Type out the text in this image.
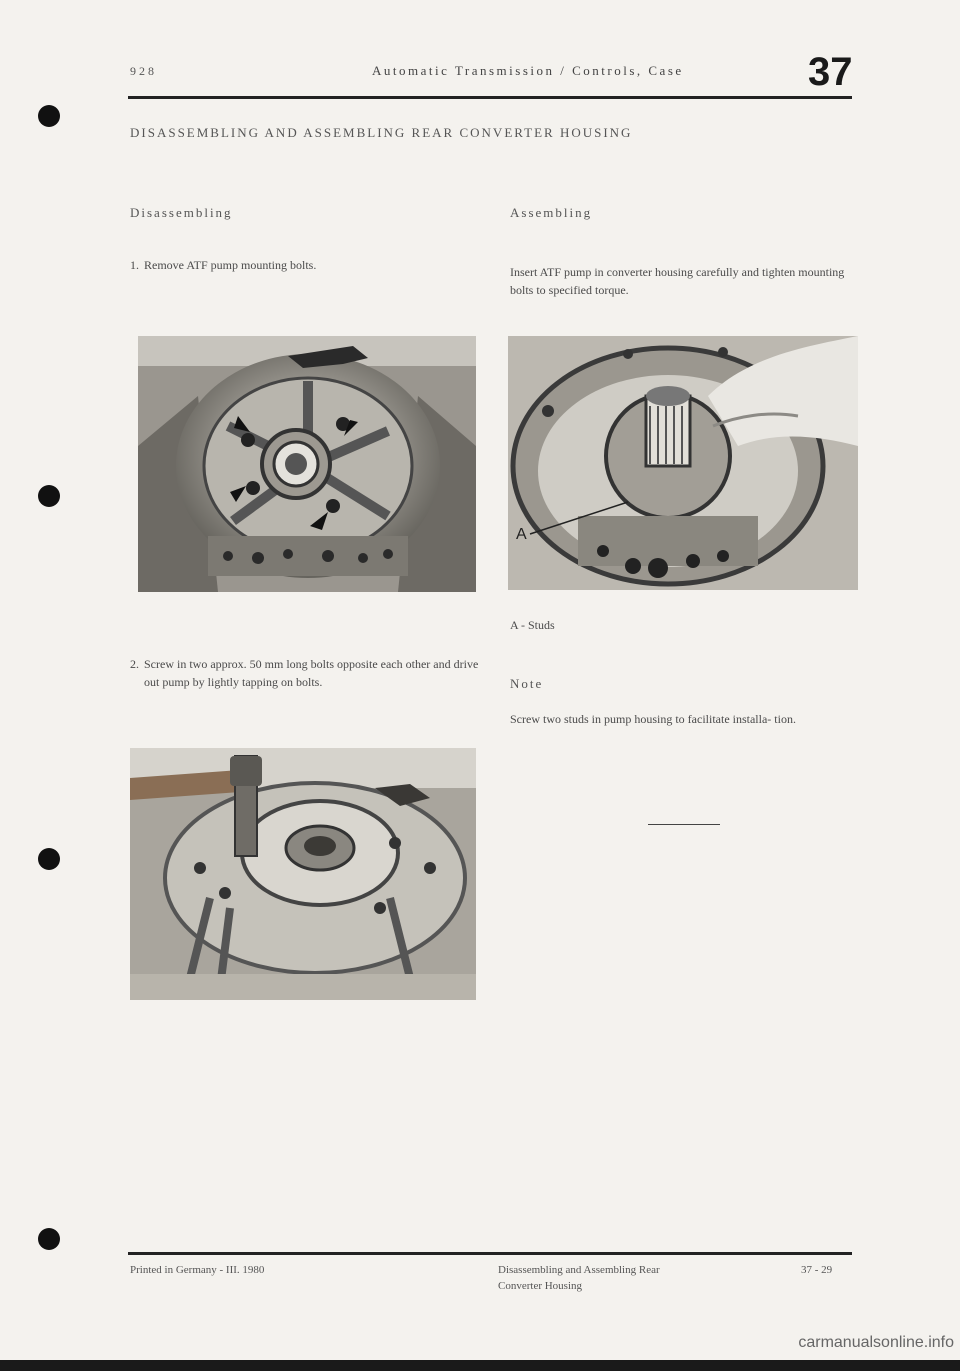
928	Automatic Transmission / Controls, Case	37
DISASSEMBLING AND ASSEMBLING REAR CONVERTER HOUSING
Disassembling
1. Remove ATF pump mounting bolts.
2. Screw in two approx. 50 mm long bolts opposite each other and drive out pump by lightly tapping on bolts.
Assembling
Insert ATF pump in converter housing carefully and tighten mounting bolts to specified torque.
A
A - Studs
Note
Screw two studs in pump housing to facilitate installa- tion.
Printed in Germany - III. 1980	Disassembling and Assembling Rear
Converter Housing
37 - 29
carmanualsonline.info
